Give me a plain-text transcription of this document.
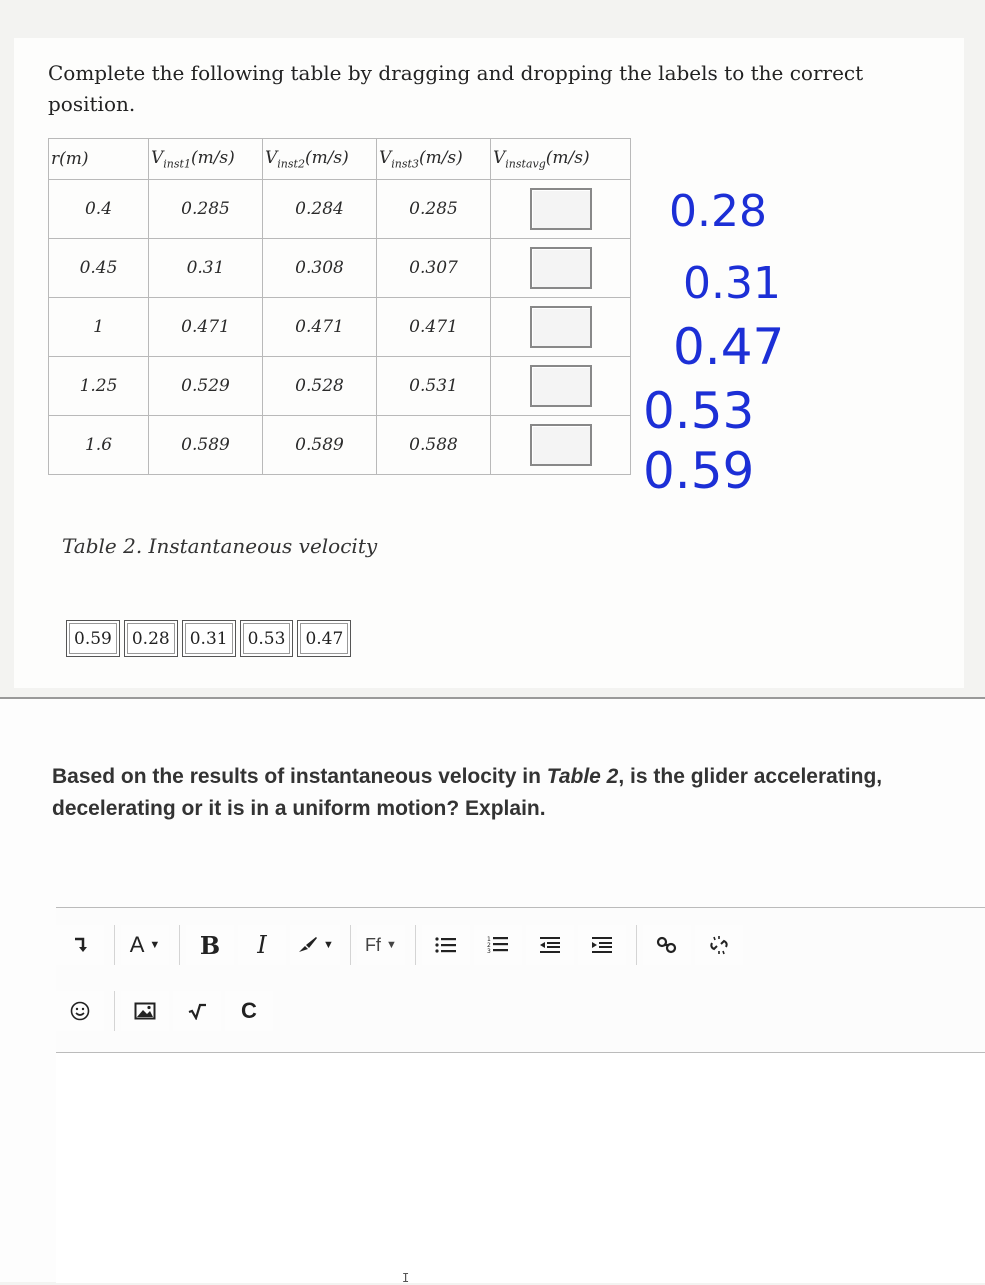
Complete the following table by dragging and dropping the labels to the correct position.
r(m)	$V_{inst1}(m/s)$	$V_{inst2}(m/s)$	$V_{inst3}(m/s)$	$V_{instavg}(m/s)$
0.4	0.285	0.284	0.285	
0.45	0.31	0.308	0.307	
1	0.471	0.471	0.471	
1.25	0.529	0.528	0.531	
1.6	0.589	0.589	0.588	
0.28
0.31
0.47
0.53
0.59
Table 2. Instantaneous velocity
0.59	0.28	0.31	0.53	0.47
Based on the results of instantaneous velocity in Table 2, is the glider accelerating, decelerating or it is in a uniform motion? Explain.
A ▼	B	I	▼ Ff ▼	1
2
3
C
I
